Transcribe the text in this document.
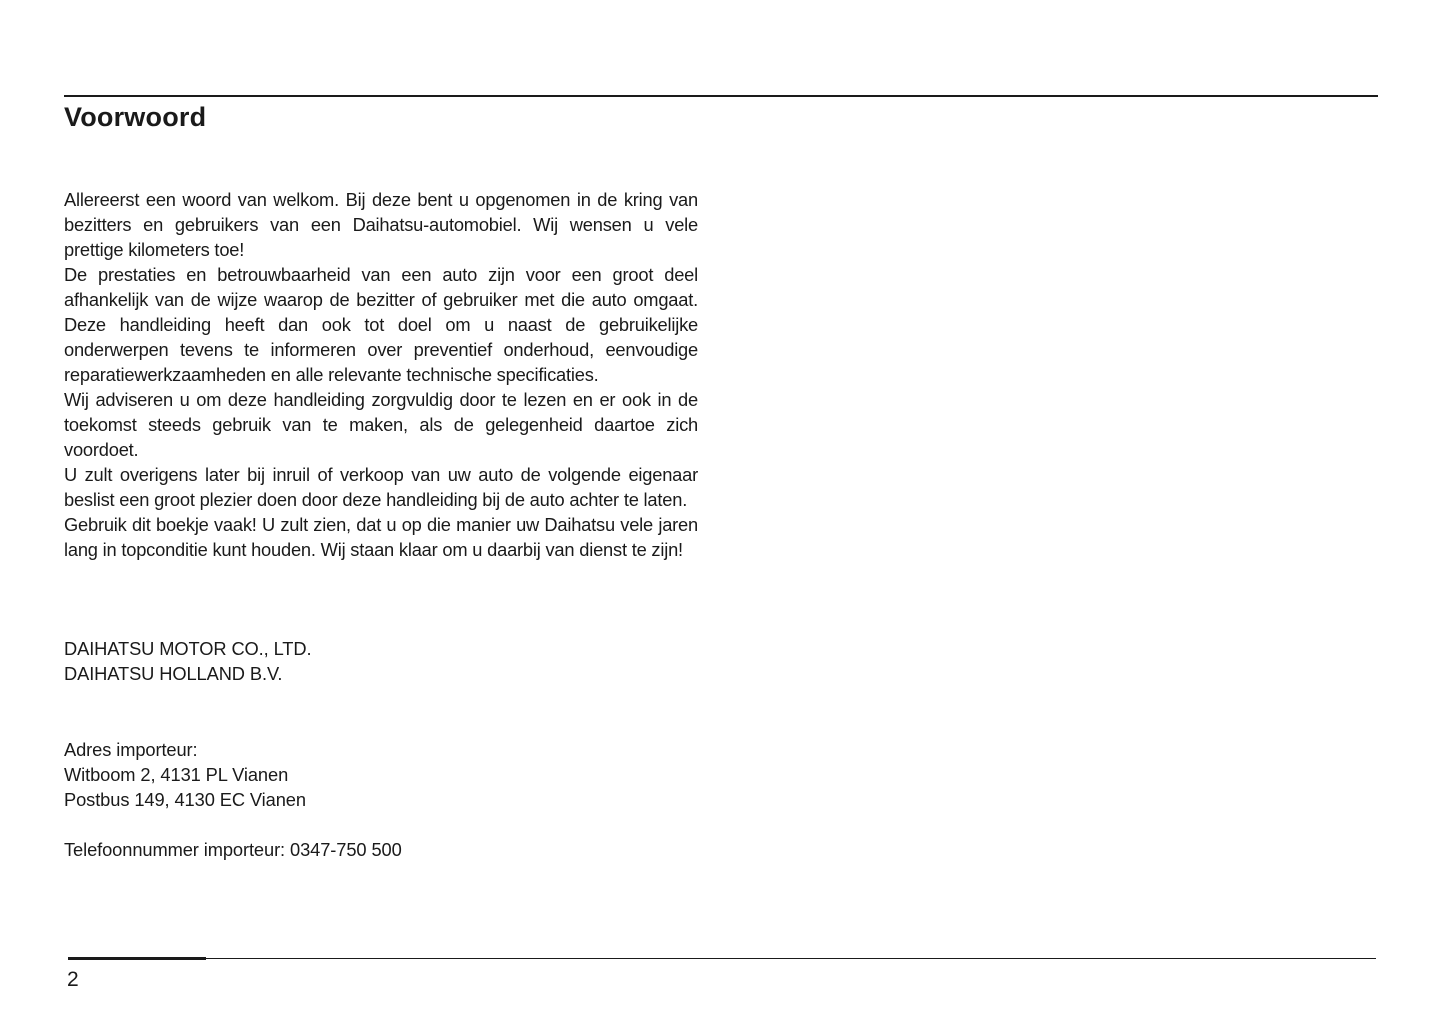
Voorwoord

Allereerst een woord van welkom. Bij deze bent u opgenomen in de kring van bezitters en gebruikers van een Daihatsu-automobiel. Wij wensen u vele prettige kilometers toe!

De prestaties en betrouwbaarheid van een auto zijn voor een groot deel afhankelijk van de wijze waarop de bezitter of gebruiker met die auto omgaat. Deze handleiding heeft dan ook tot doel om u naast de gebruikelijke onderwerpen tevens te informeren over preventief onderhoud, eenvoudige reparatiewerkzaamheden en alle relevante technische specificaties.

Wij adviseren u om deze handleiding zorgvuldig door te lezen en er ook in de toekomst steeds gebruik van te maken, als de gelegenheid daartoe zich voordoet.

U zult overigens later bij inruil of verkoop van uw auto de volgende eigenaar beslist een groot plezier doen door deze handleiding bij de auto achter te laten.

Gebruik dit boekje vaak! U zult zien, dat u op die manier uw Daihatsu vele jaren lang in topconditie kunt houden. Wij staan klaar om u daarbij van dienst te zijn!

DAIHATSU MOTOR CO., LTD.
DAIHATSU HOLLAND B.V.
Adres importeur:
Witboom 2, 4131 PL Vianen
Postbus 149, 4130 EC Vianen
Telefoonnummer importeur: 0347-750 500
2
